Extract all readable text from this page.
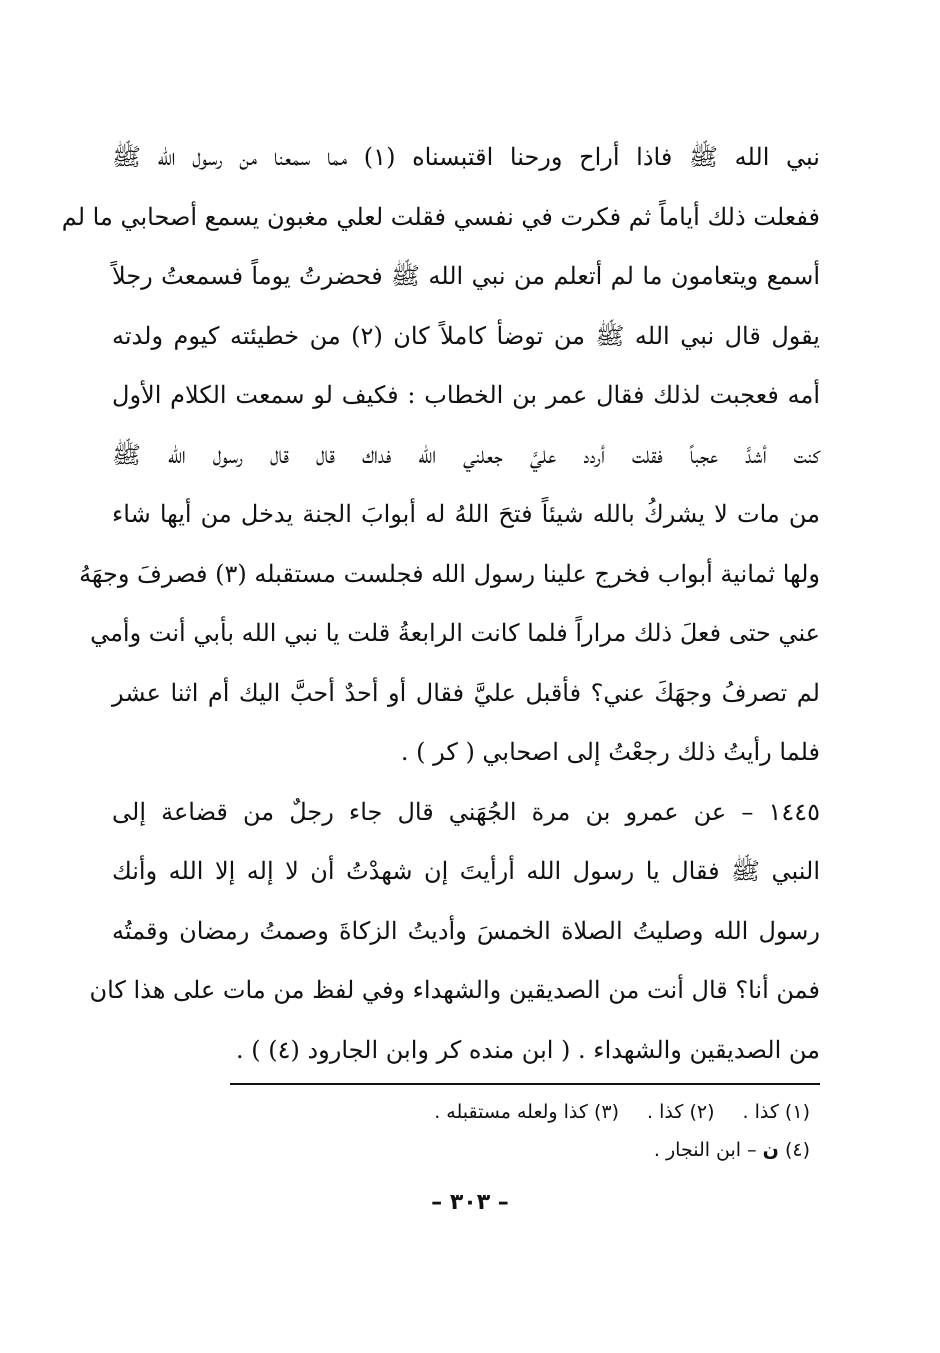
نبي الله ﷺ فاذا أراح ورحنا اقتبسناه (١) مما سمعنا من رسول الله ﷺ
ففعلت ذلك أياماً ثم فكرت في نفسي فقلت لعلي مغبون يسمع أصحابي ما لم
أسمع ويتعامون ما لم أتعلم من نبي الله ﷺ فحضرتُ يوماً فسمعتُ رجلاً
يقول قال نبي الله ﷺ من توضأ كاملاً كان (٢) من خطيئته كيوم ولدته
أمه فعجبت لذلك فقال عمر بن الخطاب : فكيف لو سمعت الكلام الأول
كنت أشدَّ عجباً فقلت أردد عليَّ جعلني الله فداك قال قال رسول الله ﷺ
من مات لا يشركُ بالله شيئاً فتحَ اللهُ له أبوابَ الجنة يدخل من أيها شاء
ولها ثمانية أبواب فخرج علينا رسول الله فجلست مستقبله (٣) فصرفَ وجهَهُ
عني حتى فعلَ ذلك مراراً فلما كانت الرابعةُ قلت يا نبي الله بأبي أنت وأمي
لم تصرفُ وجهَكَ عني؟ فأقبل عليَّ فقال أو أحدٌ أحبَّ اليك أم اثنا عشر
فلما رأيتُ ذلك رجعْتُ إلى اصحابي ( كر ) .
١٤٤٥ – عن عمرو بن مرة الجُهَني قال جاء رجلٌ من قضاعة إلى
النبي ﷺ فقال يا رسول الله أرأيتَ إن شهدْتُ أن لا إله إلا الله وأنك
رسول الله وصليتُ الصلاة الخمسَ وأديتُ الزكاةَ وصمتُ رمضان وقمتُه
فمن أنا؟ قال أنت من الصديقين والشهداء وفي لفظ من مات على هذا كان
من الصديقين والشهداء . ( ابن منده كر وابن الجارود (٤) ) .
(١) كذا .(٢) كذا .(٣) كذا ولعله مستقبله .
(٤) ن – ابن النجار .
– ٣٠٣ –
